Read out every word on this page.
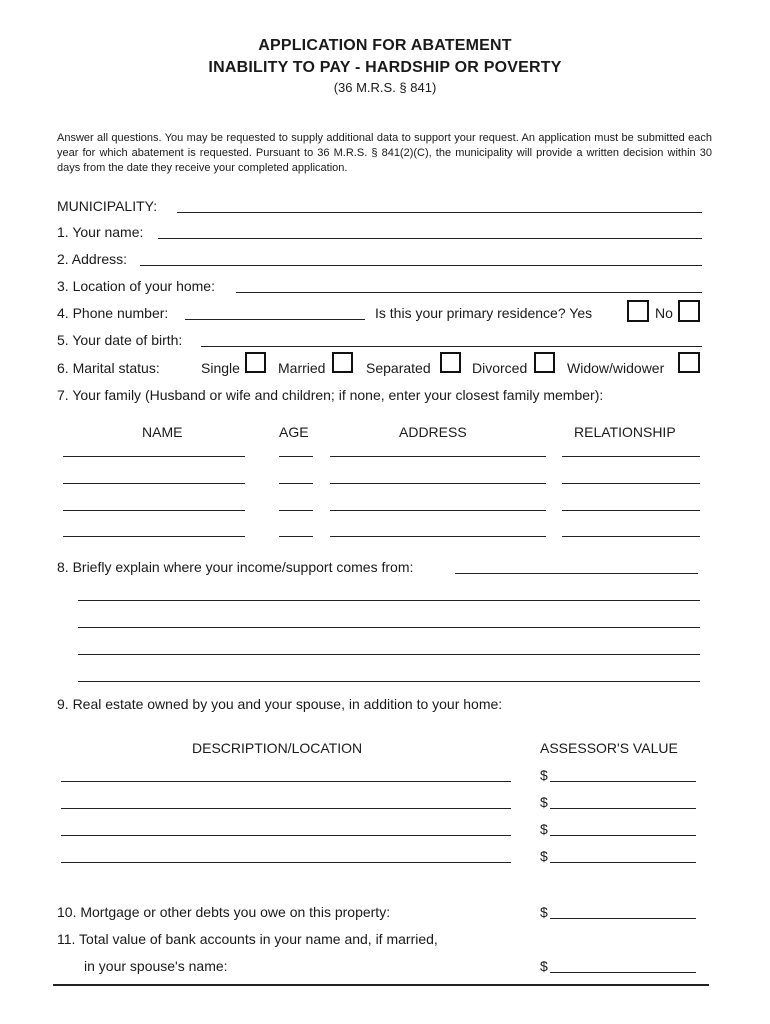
APPLICATION FOR ABATEMENT
INABILITY TO PAY - HARDSHIP OR POVERTY
(36 M.R.S. § 841)
Answer all questions. You may be requested to supply additional data to support your request. An application must be submitted each year for which abatement is requested. Pursuant to 36 M.R.S. § 841(2)(C), the municipality will provide a written decision within 30 days from the date they receive your completed application.
MUNICIPALITY:
1. Your name:
2. Address:
3. Location of your home:
4. Phone number:	Is this your primary residence? Yes	No
5. Your date of birth:
6. Marital status:	Single	Married	Separated	Divorced	Widow/widower
7. Your family (Husband or wife and children; if none, enter your closest family member):
NAME	AGE	ADDRESS	RELATIONSHIP
8. Briefly explain where your income/support comes from:
9. Real estate owned by you and your spouse, in addition to your home:
DESCRIPTION/LOCATION	ASSESSOR'S VALUE
$
$
$
$
10. Mortgage or other debts you owe on this property:	$
11. Total value of bank accounts in your name and, if married,
in your spouse's name:	$
